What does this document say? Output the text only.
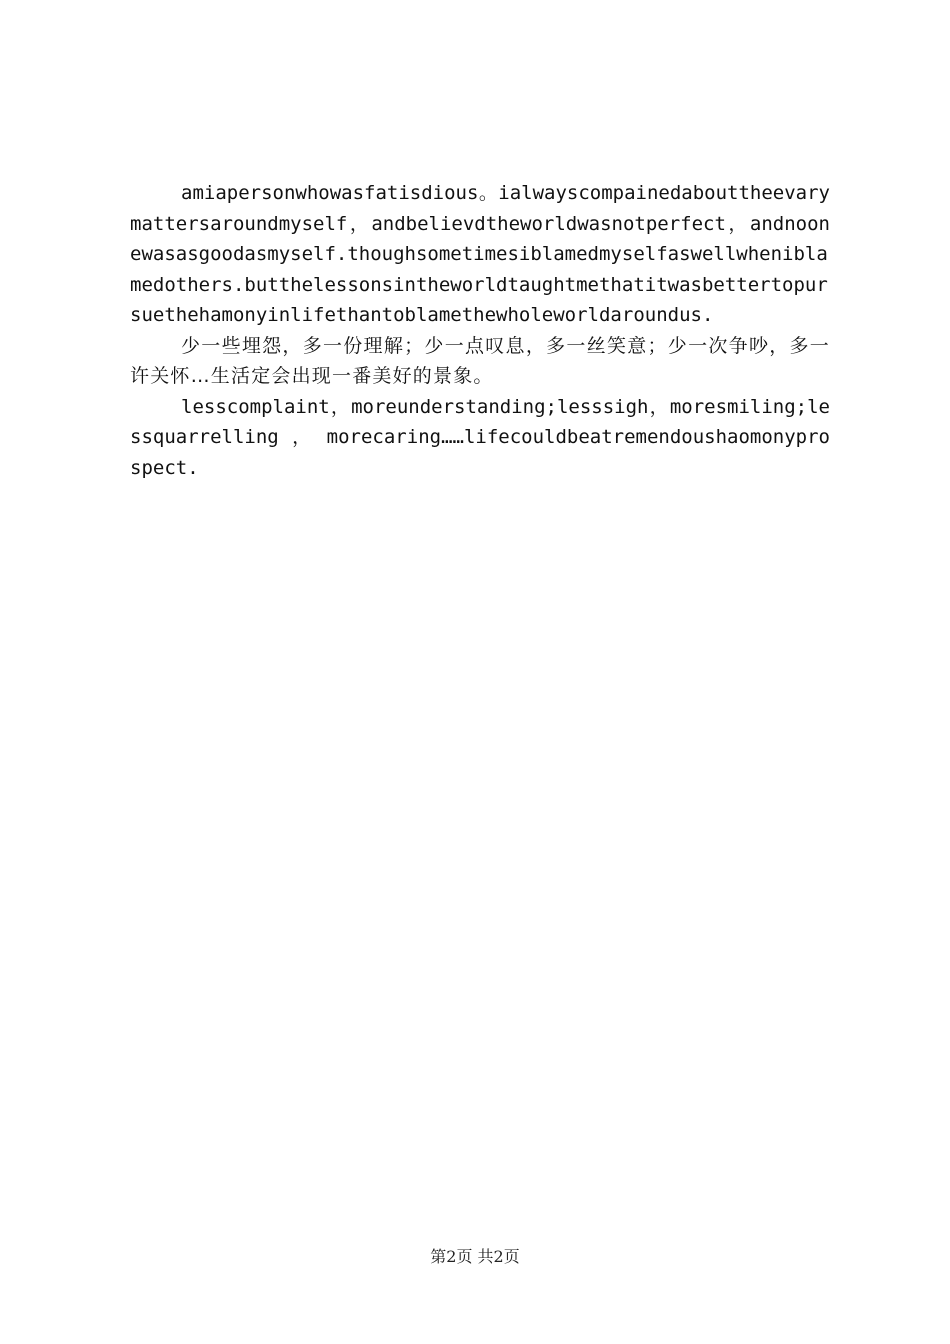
amiapersonwhowasfatisdious。ialwayscompainedabouttheevarymattersaroundmyself，andbelievdtheworldwasnotperfect，andnoonewasasgoodasmyself.thoughsometimesiblamedmyselfaswellwheniblamedothers.butthelessonsintheworldtaughtmethatitwasbettertopursuethehamonyinlifethantoblamethewholeworldaroundus.

少一些埋怨，多一份理解；少一点叹息，多一丝笑意；少一次争吵，多一许关怀…生活定会出现一番美好的景象。

lesscomplaint，moreunderstanding;lesssigh，moresmiling;lessquarrelling ， morecaring……lifecouldbeatremendoushaomonyprospect.

第2页 共2页
